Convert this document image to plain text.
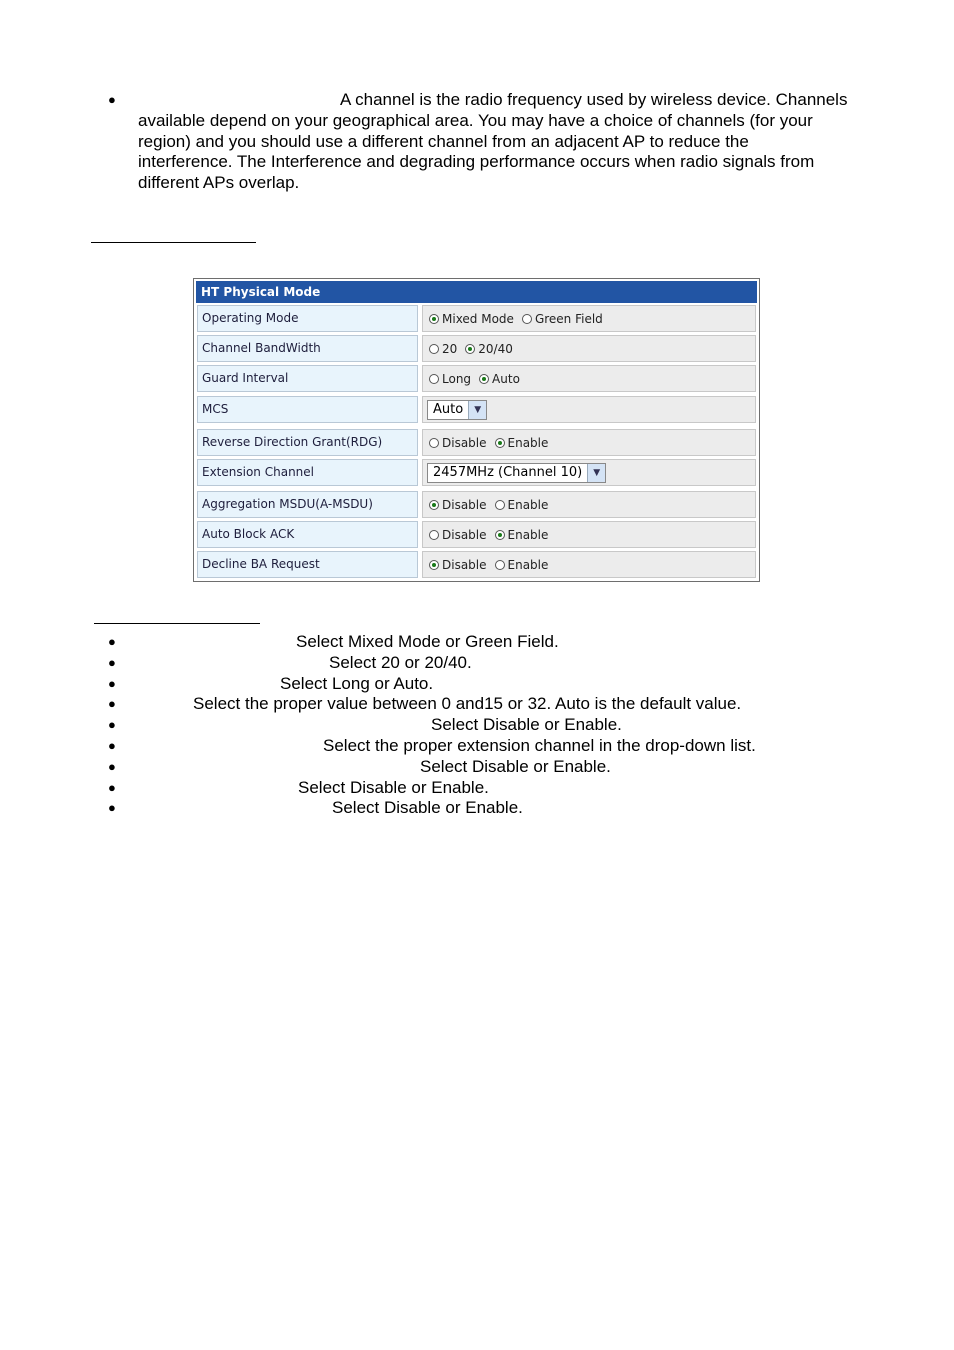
●	A channel is the radio frequency used by wireless device. Channels available depend on your geographical area. You may have a choice of channels (for your region) and you should use a different channel from an adjacent AP to reduce the interference. The Interference and degrading performance occurs when radio signals from different APs overlap.
HT Physical Mode
Operating Mode	Mixed Mode Green Field
Channel BandWidth	20 20/40
Guard Interval	Long Auto
MCS	Auto	▼
Reverse Direction Grant(RDG)	Disable Enable
Extension Channel	2457MHz (Channel 10)	▼
Aggregation MSDU(A-MSDU)	Disable Enable
Auto Block ACK	Disable Enable
Decline BA Request	Disable Enable
●	Select Mixed Mode or Green Field.
●	Select 20 or 20/40.
●	Select Long or Auto.
●	Select the proper value between 0 and15 or 32. Auto is the default value.
●	Select Disable or Enable.
●	Select the proper extension channel in the drop-down list.
●	Select Disable or Enable.
●	Select Disable or Enable.
●	Select Disable or Enable.
